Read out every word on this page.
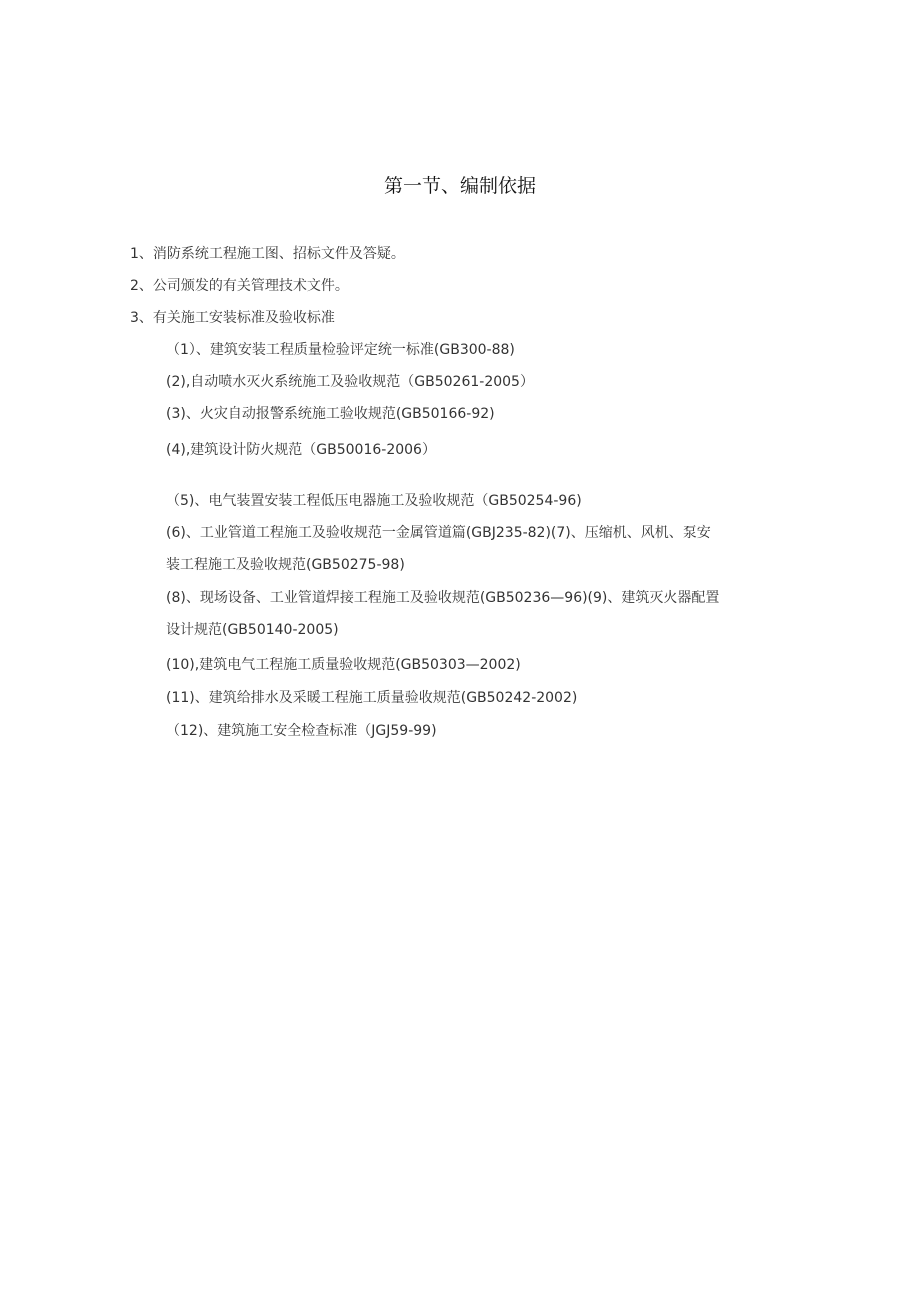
第一节、编制依据
1、消防系统工程施工图、招标文件及答疑。
2、公司颁发的有关管理技术文件。
3、有关施工安装标准及验收标准
（1）、建筑安装工程质量检验评定统一标准(GB300-88)
(2),自动喷水灭火系统施工及验收规范（GB50261-2005）
(3)、火灾自动报警系统施工验收规范(GB50166-92)
(4),建筑设计防火规范（GB50016-2006）
（5)、电气装置安装工程低压电器施工及验收规范（GB50254-96)
(6)、工业管道工程施工及验收规范一金属管道篇(GBJ235-82)(7)、压缩机、风机、泵安
装工程施工及验收规范(GB50275-98)
(8)、现场设备、工业管道焊接工程施工及验收规范(GB50236—96)(9)、建筑灭火器配置
设计规范(GB50140-2005)
(10),建筑电气工程施工质量验收规范(GB50303—2002)
(11)、建筑给排水及采暖工程施工质量验收规范(GB50242-2002)
（12)、建筑施工安全检查标准（JGJ59-99)
